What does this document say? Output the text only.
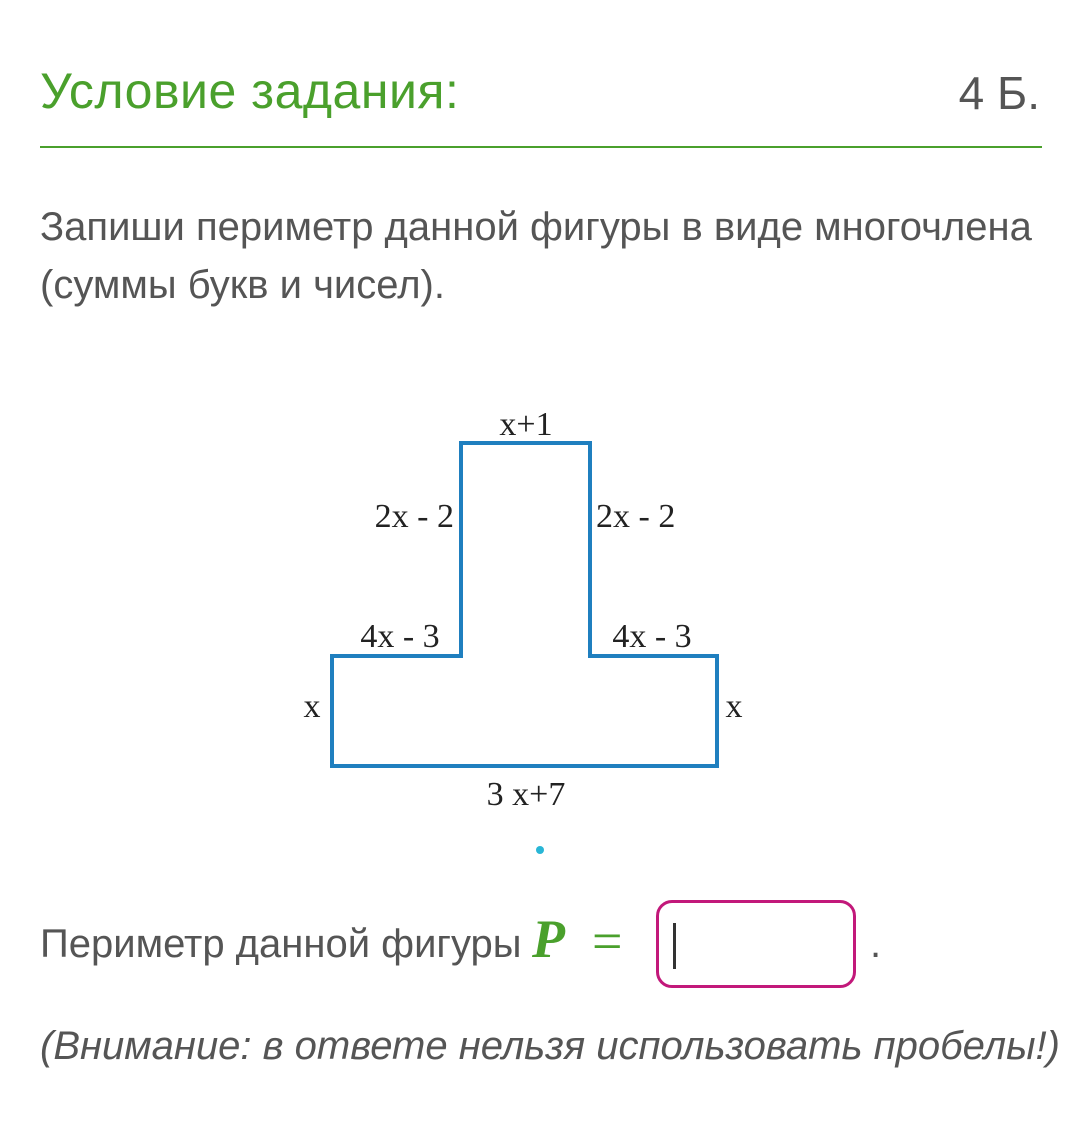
Условие задания:	4 Б.
Запиши периметр данной фигуры в виде многочлена
(суммы букв и чисел).
x+1
2x - 2	2x - 2
4x - 3	4x - 3
x	x
3 x+7
Периметр данной фигуры P =	.
(Внимание: в ответе нельзя использовать пробелы!)
